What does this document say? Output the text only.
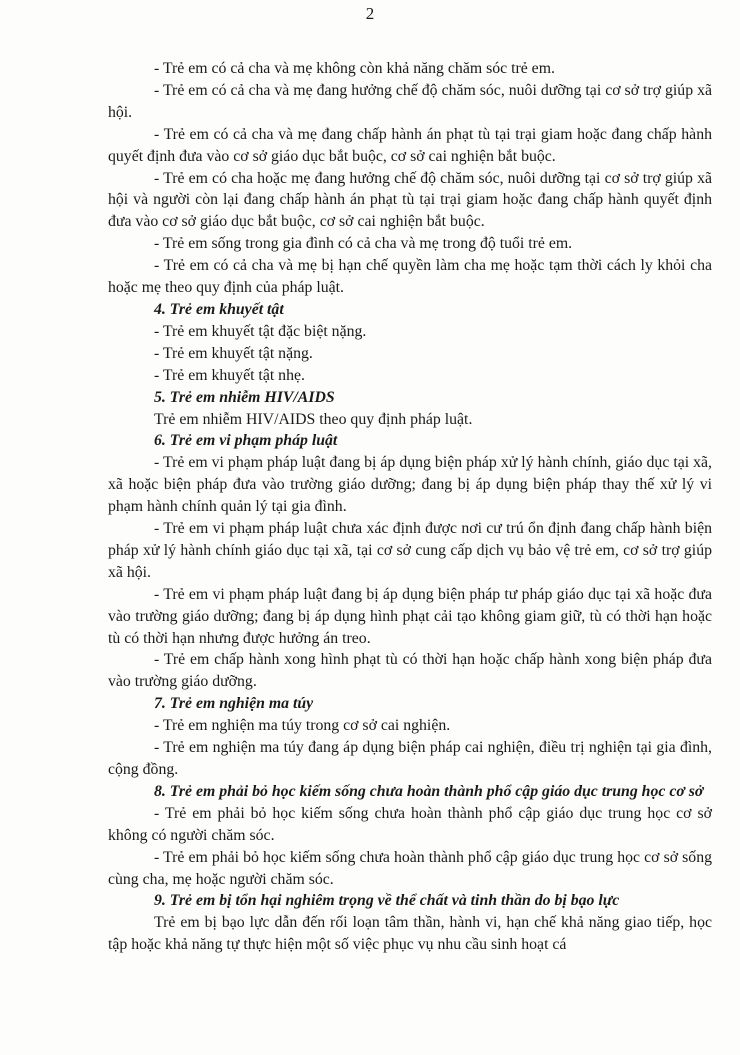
2

- Trẻ em có cả cha và mẹ không còn khả năng chăm sóc trẻ em.

- Trẻ em có cả cha và mẹ đang hưởng chế độ chăm sóc, nuôi dưỡng tại cơ sở trợ giúp xã hội.

- Trẻ em có cả cha và mẹ đang chấp hành án phạt tù tại trại giam hoặc đang chấp hành quyết định đưa vào cơ sở giáo dục bắt buộc, cơ sở cai nghiện bắt buộc.

- Trẻ em có cha hoặc mẹ đang hưởng chế độ chăm sóc, nuôi dưỡng tại cơ sở trợ giúp xã hội và người còn lại đang chấp hành án phạt tù tại trại giam hoặc đang chấp hành quyết định đưa vào cơ sở giáo dục bắt buộc, cơ sở cai nghiện bắt buộc.

- Trẻ em sống trong gia đình có cả cha và mẹ trong độ tuổi trẻ em.

- Trẻ em có cả cha và mẹ bị hạn chế quyền làm cha mẹ hoặc tạm thời cách ly khỏi cha hoặc mẹ theo quy định của pháp luật.

4. Trẻ em khuyết tật

- Trẻ em khuyết tật đặc biệt nặng.

- Trẻ em khuyết tật nặng.

- Trẻ em khuyết tật nhẹ.

5. Trẻ em nhiễm HIV/AIDS

Trẻ em nhiễm HIV/AIDS theo quy định pháp luật.

6. Trẻ em vi phạm pháp luật

- Trẻ em vi phạm pháp luật đang bị áp dụng biện pháp xử lý hành chính, giáo dục tại xã, xã hoặc biện pháp đưa vào trường giáo dưỡng; đang bị áp dụng biện pháp thay thế xử lý vi phạm hành chính quản lý tại gia đình.

- Trẻ em vi phạm pháp luật chưa xác định được nơi cư trú ổn định đang chấp hành biện pháp xử lý hành chính giáo dục tại xã, tại cơ sở cung cấp dịch vụ bảo vệ trẻ em, cơ sở trợ giúp xã hội.

- Trẻ em vi phạm pháp luật đang bị áp dụng biện pháp tư pháp giáo dục tại xã hoặc đưa vào trường giáo dưỡng; đang bị áp dụng hình phạt cải tạo không giam giữ, tù có thời hạn hoặc tù có thời hạn nhưng được hưởng án treo.

- Trẻ em chấp hành xong hình phạt tù có thời hạn hoặc chấp hành xong biện pháp đưa vào trường giáo dưỡng.

7. Trẻ em nghiện ma túy

- Trẻ em nghiện ma túy trong cơ sở cai nghiện.

- Trẻ em nghiện ma túy đang áp dụng biện pháp cai nghiện, điều trị nghiện tại gia đình, cộng đồng.

8. Trẻ em phải bỏ học kiếm sống chưa hoàn thành phổ cập giáo dục trung học cơ sở

- Trẻ em phải bỏ học kiếm sống chưa hoàn thành phổ cập giáo dục trung học cơ sở không có người chăm sóc.

- Trẻ em phải bỏ học kiếm sống chưa hoàn thành phổ cập giáo dục trung học cơ sở sống cùng cha, mẹ hoặc người chăm sóc.

9. Trẻ em bị tổn hại nghiêm trọng về thể chất và tinh thần do bị bạo lực

Trẻ em bị bạo lực dẫn đến rối loạn tâm thần, hành vi, hạn chế khả năng giao tiếp, học tập hoặc khả năng tự thực hiện một số việc phục vụ nhu cầu sinh hoạt cá
